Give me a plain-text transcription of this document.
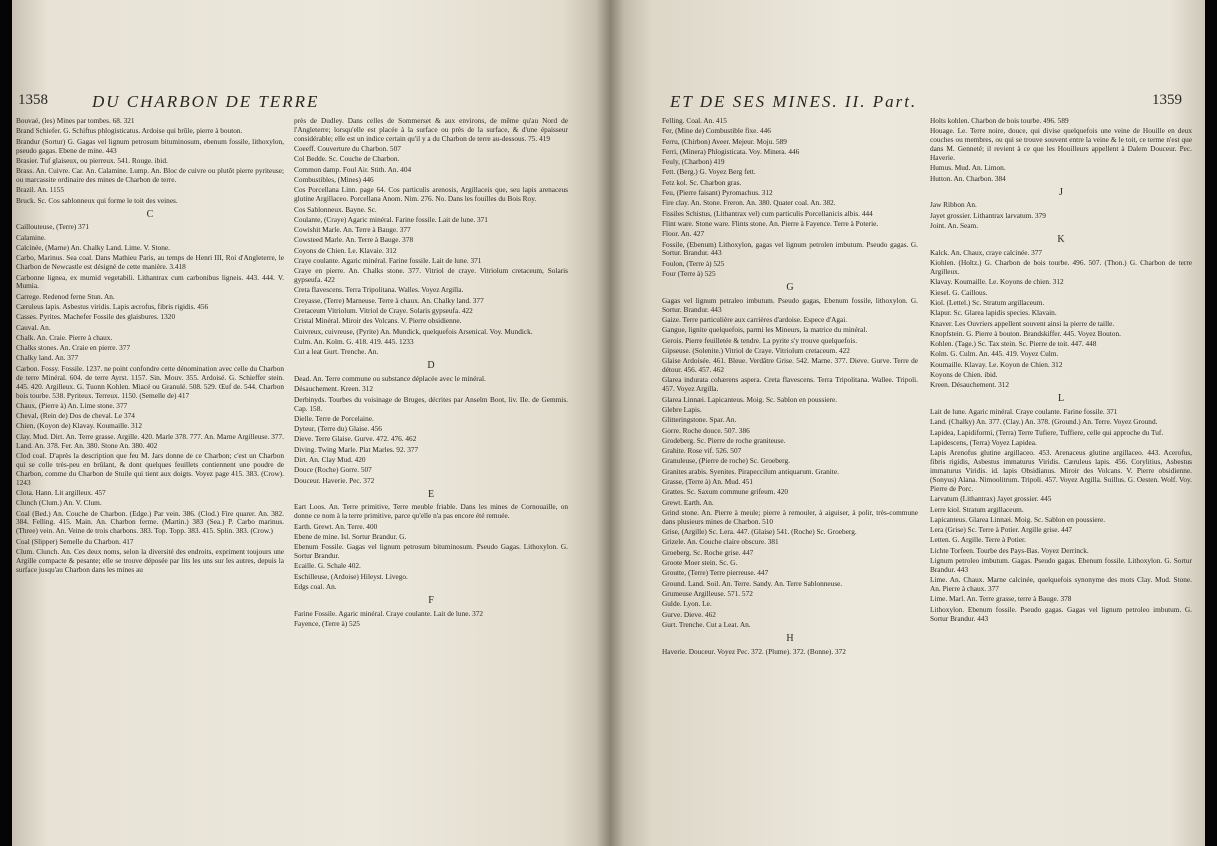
1358	DU CHARBON DE TERRE

Bouvaé, (les) Mines par tombes. 68. 321

Brand Schiefer. G. Schiftus phlogisticatus. Ardoise qui brûle, pierre à bouton.

Brandur (Sortur) G. Gagas vel lignum petrosum bituminosum, ebenum fossile, lithoxylon, pseudo gagas. Ebene de mine. 443

Brasier. Tuf glaiseux, ou pierreux. 541. Rouge. ibid.

Brass. An. Cuivre. Car. An. Calamine. Lump. An. Bloc de cuivre ou plutôt pierre pyriteuse; ou marcassite ordinaire des mines de Charbon de terre.

Brazil. An. 1155

Bruck. Sc. Cos sablonneux qui forme le toit des veines.

C

Caillouteuse, (Terre) 371

Calamine.

Calcinée, (Marne) An. Chalky Land. Lime. V. Stone.

Carbo, Marinus. Sea coal. Dans Mathieu Paris, au temps de Henri III, Roi d'Angleterre, le Charbon de Newcastle est désigné de cette manière. 3.418

Carbonne lignea, ex mumid vegetabili. Lithantrax cum carbonibus ligneis. 443. 444. V. Mumia.

Carrege. Redenod ferne Stun. An.

Cæruleus lapis. Asbestus viridis. Lapis æcrofus, fibris rigidis. 456

Casses. Pyrites. Machefer Fossile des glaisbures. 1320

Cauval. An.

Chalk. An. Craie. Pierre à chaux.

Chalks stones. An. Craie en pierre. 377

Chalky land. An. 377

Carbon. Fossy. Fossile. 1237. ne point confondre cette dénomination avec celle du Charbon de terre Minéral. 604. de terre Ayrst. 1157. Sin. Mouv. 355. Ardoisé. G. Schieffer stein. 445. 420. Argilleux. G. Tuonn Kohlen. Miacé ou Granulé. 508. 529. Œuf de. 544. Charbon bois tourbe. 538. Pyriteux. Terreux. 1150. (Semelle de) 417

Chaux, (Pierre à) An. Lime stone. 377

Cheval, (Rein de) Dos de cheval. Le 374

Chien, (Koyon de) Klavay. Koumaille. 312

Clay. Mud. Dirt. An. Terre grasse. Argille. 420. Marle 378. 777. An. Marne Argilleuse. 377. Land. An. 378. Fer. An. 380. Stone An. 380. 402

Clod coal. D'après la description que feu M. Jars donne de ce Charbon; c'est un Charbon qui se colle très-peu en brûlant, & dont quelques feuillets contiennent une poudre de Charbon, comme du Charbon de Stuile qui tient aux doigts. Voyez page 415. 383. (Crow). 1243

Clota. Hann. Lit argilleux. 457

Clunch (Clum.) An. V. Clum.

Coal (Bed.) An. Couche de Charbon. (Edge.) Par vein. 386. (Clod.) Fire quarer. An. 382. 384. Felling. 415. Main. An. Charbon ferme. (Martin.) 383 (Sea.) P. Carbo marinus. (Three) vein. An. Veine de trois charbons. 383. Top. Topp. 383. 415. Splin. 383. (Crow.)

Coal (Slipper) Semelle du Charbon. 417

Clum. Clunch. An. Ces deux noms, selon la diversité des endroits, expriment toujours une Argille compacte & pesante; elle se trouve déposée par lits les uns sur les autres, depuis la surface jusqu'au Charbon dans les mines au

près de Dudley. Dans celles de Sommerset & aux environs, de même qu'au Nord de l'Angleterre; lorsqu'elle est placée à la surface ou près de la surface, & d'une épaisseur considérable; elle est un indice certain qu'il y a du Charbon de terre au-dessous. 75. 419

Coeeff. Couverture du Charbon. 507

Col Bedde. Sc. Couche de Charbon.

Common damp. Foul Air. Stith. An. 404

Combustibles, (Mines) 446

Cos Porcellana Linn. page 64. Cos particulis arenosis, Argillaceis que, seu lapis arenaceus glutine Argillaceo. Porcellana Anom. Nim. 276. No. Dans les fouilles du Bois Roy.

Cos Sablonneux. Bayne. Sc.

Coulante, (Craye) Agaric minéral. Farine fossile. Lait de lune. 371

Cowishit Marle. An. Terre à Bauge. 377

Cowsteed Marle. An. Terre à Bauge. 378

Coyons de Chien. Le. Klavaie. 312

Craye coulante. Agaric minéral. Farine fossile. Lait de lune. 371

Craye en pierre. An. Chalks stone. 377. Vitriol de craye. Vitriolum cretaceum, Solaris gypseufa. 422

Creta flavescens. Terra Tripolitana. Walles. Voyez Argilla.

Creyasse, (Terre) Marneuse. Terre à chaux. An. Chalky land. 377

Cretaceum Vitriolum. Vitriol de Craye. Solaris gypseufa. 422

Cristal Minéral. Miroir des Volcans. V. Pierre obsidienne.

Cuivreux, cuivreuse, (Pyrite) An. Mundick, quelquefois Arsenical. Voy. Mundick.

Culm. An. Kolm. G. 418. 419. 445. 1233

Cut a leat Gurt. Trenche. An.

D

Dead. An. Terre commune ou substance déplacée avec le minéral.

Désauchement. Kreen. 312

Derbinyds. Tourbes du voisinage de Bruges, décrites par Anselm Boot, liv. IIe. de Gemmis. Cap. 158.

Dielle. Terre de Porcelaine.

Dyteur, (Terre du) Glaise. 456

Dieve. Terre Glaise. Gurve. 472. 476. 462

Diving. Twing Marle. Plat Marles. 92. 377

Dirt. An. Clay Mud. 420

Douce (Roche) Gorre. 507

Douceur. Haverie. Pec. 372

E

Eart Loos. An. Terre primitive, Terre meuble friable. Dans les mines de Cornouaille, on donne ce nom à la terre primitive, parce qu'elle n'a pas encore été remuée.

Earth. Grewt. An. Terre. 400

Ebene de mine. Isl. Sortur Brandur. G.

Ebenum Fossile. Gagas vel lignum petrosum bituminosum. Pseudo Gagas. Lithoxylon. G. Sortur Brandur.

Ecaille. G. Schale 402.

Eschilleuse, (Ardoise) Hileyst. Livego.

Edgs coal. An.

F

Farine Fossile. Agaric minéral. Craye coulante. Lait de lune. 372

Fayence, (Terre à) 525

ET DE SES MINES. II. Part.	1359

Felling. Coal. An. 415

Fer, (Mine de) Combustible fixe. 446

Ferru, (Chirbon) Aveer. Mejeur. Moju. 589

Ferri, (Minera) Phlogisticata. Voy. Minera. 446

Feuly, (Charbon) 419

Fett. (Berg.) G. Voyez Berg fett.

Fetz kol. Sc. Charbon gras.

Feu, (Pierre faisant) Pyromachus. 312

Fire clay. An. Stone. Freron. An. 380. Quater coal. An. 382.

Fissiles Schistus, (Lithantrax vel) cum particulis Porcellanicis albis. 444

Flint ware. Stone ware. Flints stone. An. Pierre à Fayence. Terre à Poterie.

Floor. An. 427

Fossile, (Ebenum) Lithoxylon, gagas vel lignum petrolen imbutum. Pseudo gagas. G. Sortur. Brandur. 443

Foulon, (Terre à) 525

Four (Terre à) 525

G

Gagas vel lignum petraleo imbutum. Pseudo gagas, Ebenum fossile, lithoxylon. G. Sortur. Brandur. 443

Gaize. Terre particulière aux carrières d'ardoise. Espece d'Agai.

Gangue, lignite quelquefois, parmi les Mineurs, la matrice du minéral.

Gerois. Pierre feuilletée & tendre. La pyrite s'y trouve quelquefois.

Gipseuse. (Solenite.) Vitriol de Craye. Vitriolum cretaceum. 422

Glaise Ardoisée. 461. Bleue. Verdâtre Grise. 542. Marne. 377. Dieve. Gurve. Terre de détour. 456. 457. 462

Glarea indurata cohærens aspera. Creta flavescens. Terra Tripolitana. Wallee. Tripoli. 457. Voyez Argilla.

Glarea Linnæi. Lapicanteus. Moig. Sc. Sablon en poussiere.

Glebre Lapis.

Glitteringstone. Spar. An.

Gorre. Roche douce. 507. 386

Grodeberg. Sc. Pierre de roche graniteuse.

Grahite. Rose vif. 526. 507

Granuleuse, (Pierre de roche) Sc. Groeberg.

Granites arabis. Syenites. Pirapeccilum antiquarum. Granite.

Grasse, (Terre à) An. Mud. 451

Grattes. Sc. Saxum commune grifeum. 420

Grewt. Earth. An.

Grind stone. An. Pierre à meule; pierre à remouler, à aiguiser, à polir, très-commune dans plusieurs mines de Charbon. 510

Grise, (Argille) Sc. Lera. 447. (Glaise) 541. (Roche) Sc. Groeberg.

Grizele. An. Couche claire obscure. 381

Groeberg. Sc. Roche grise. 447

Groote Moer stein. Sc. G.

Groutte, (Terre) Terre pierreuse. 447

Ground. Land. Soil. An. Terre. Sandy. An. Terre Sablonneuse.

Grumeuse Argilleuse. 571. 572

Gulde. Lyon. Le.

Gurve. Dieve. 462

Gurt. Trenche. Cut a Leat. An.

H

Haverie. Douceur. Voyez Pec. 372. (Plume). 372. (Bonne). 372

Holts kohlen. Charbon de bois tourbe. 496. 589

Houage. Le. Terre noire, douce, qui divise quelquefois une veine de Houille en deux couches ou membres, ou qui se trouve souvent entre la veine & le toit, ce terme n'est que dans M. Genneté; il revient à ce que les Houilleurs appellent à Dalem Douceur. Pec. Haverie.

Humus. Mud. An. Limon.

Hutton. An. Charbon. 384

J

Jaw Ribbon An.

Jayet grossier. Lithantrax larvatum. 379

Joint. An. Seam.

K

Kalck. An. Chaux, craye calcinée. 377

Kiohlen. (Holtz.) G. Charbon de bois tourbe. 496. 507. (Thon.) G. Charbon de terre Argilleux.

Klavay. Koumaille. Le. Koyons de chien. 312

Kiesel. G. Caillous.

Kiol. (Lettel.) Sc. Stratum argillaceum.

Klapur. Sc. Glarea lapidis species. Klavain.

Knaver. Les Ouvriers appellent souvent ainsi la pierre de taille.

Knopfstein. G. Pierre à bouton. Brandskiffer. 445. Voyez Bouton.

Kohlen. (Tage.) Sc. Tax stein. Sc. Pierre de toit. 447. 448

Kolm. G. Culm. An. 445. 419. Voyez Culm.

Koumaille. Klavay. Le. Koyon de Chien. 312

Koyons de Chien. ibid.

Kreen. Désauchement. 312

L

Lait de lune. Agaric minéral. Craye coulante. Farine fossile. 371

Land. (Chalky) An. 377. (Clay.) An. 378. (Ground.) An. Terre. Voyez Ground.

Lapidea, Lapidiformi, (Terra) Terre Tufiere, Tuffiere, celle qui approche du Tuf.

Lapidescens, (Terra) Voyez Lapidea.

Lapis Arenofus glutine argillaceo. 453. Arenaceus glutine argillaceo. 443. Acerofus, fibris rigidis, Asbestus immaturus Viridis. Cæruleus lapis. 456. Corylitius, Asbestus immaturus Viridis. id. lapis Obsidianus. Miroir des Volcans. V. Pierre obsidienne. (Sonyus) Alana. Nimoolitrum. Tripoli. 457. Voyez Argilla. Suillus. G. Oesten. Wolf. Voy. Pierre de Porc.

Larvatum (Lithantrax) Jayet grossier. 445

Lerre kiol. Stratum argillaceum.

Lapicanteus. Glarea Linnæi. Moig. Sc. Sablon en poussiere.

Lera (Grise) Sc. Terre à Potier. Argille grise. 447

Letten. G. Argille. Terre à Potier.

Lichte Torfeen. Tourbe des Pays-Bas. Voyez Derrinck.

Lignum petroleo imbutum. Gagas. Pseudo gagas. Ebenum fossile. Lithoxylon. G. Sortur Brandur. 443

Lime. An. Chaux. Marne calcinée, quelquefois synonyme des mots Clay. Mud. Stone. An. Pierre à chaux. 377

Lime. Marl. An. Terre grasse, terre à Bauge. 378

Lithoxylon. Ebenum fossile. Pseudo gagas. Gagas vel lignum petroleo imbutum. G. Sortur Brandur. 443
